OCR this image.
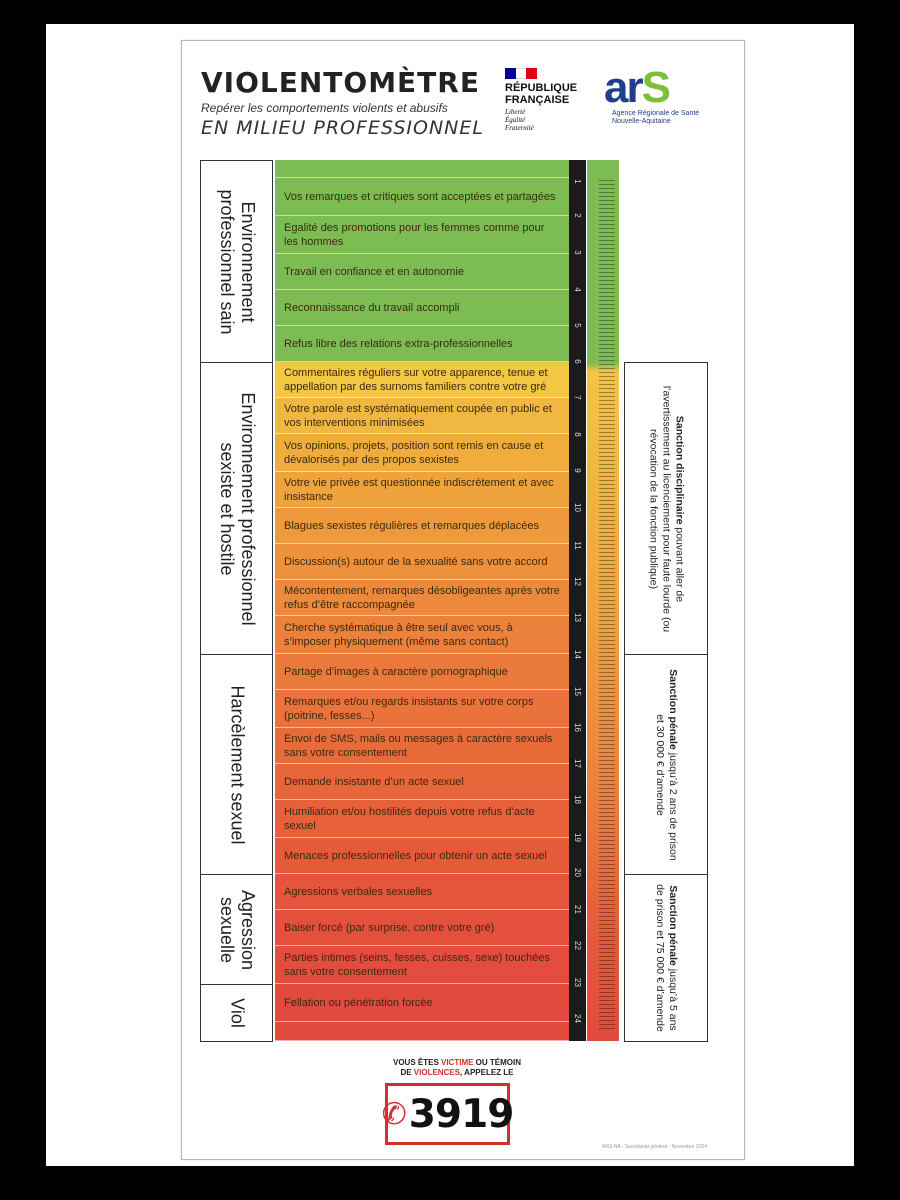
VIOLENTOMÈTRE
Repérer les comportements violents et abusifs
EN MILIEU PROFESSIONNEL
RÉPUBLIQUE
FRANÇAISE
Liberté
Égalité
Fraternité
arS
Agence Régionale de Santé
Nouvelle-Aquitaine
Environnement
professionnel sain
Environnement professionnel
sexiste et hostile
Harcèlement sexuel
Agression
sexuelle
Viol
Vos remarques et critiques sont acceptées et partagées
Egalité des promotions pour les femmes comme pour les hommes
Travail en confiance et en autonomie
Reconnaissance du travail accompli
Refus libre des relations extra-professionnelles
Commentaires réguliers sur votre apparence, tenue et appellation par des surnoms familiers contre votre gré
Votre parole est systématiquement coupée en public et vos interventions minimisées
Vos opinions, projets, position sont remis en cause et dévalorisés par des propos sexistes
Votre vie privée est questionnée indiscrètement et avec insistance
Blagues sexistes régulières et remarques déplacées
Discussion(s) autour de la sexualité sans votre accord
Mécontentement, remarques désobligeantes après votre refus d’être raccompagnée
Cherche systématique à être seul avec vous, à s’imposer physiquement (même sans contact)
Partage d’images à caractère pornographique
Remarques et/ou regards insistants sur votre corps (poitrine, fesses...)
Envoi de SMS, mails ou messages à caractère sexuels sans votre consentement
Demande insistante d’un acte sexuel
Humiliation et/ou hostilités depuis votre refus d’acte sexuel
Menaces professionnelles pour obtenir un acte sexuel
Agressions verbales sexuelles
Baiser forcé (par surprise, contre votre gré)
Parties intimes (seins, fesses, cuisses, sexe) touchées sans votre consentement
Fellation ou pénétration forcée
1
2
3
4
5
6
7
8
9
10
11
12
13
14
15
16
17
18
19
20
21
22
23
24
Sanction disciplinaire pouvant aller de l’avertissement au licenciement pour faute lourde (ou révocation de la fonction publique)
Sanction pénale jusqu’à 2 ans de prison et 30 000 € d’amende
Sanction pénale jusqu’à 5 ans de prison et 75 000 € d’amende
VOUS ÊTES VICTIME OU TÉMOIN
DE VIOLENCES, APPELEZ LE
✆ 3919
ARS NA - Secrétariat général - Novembre 2024
